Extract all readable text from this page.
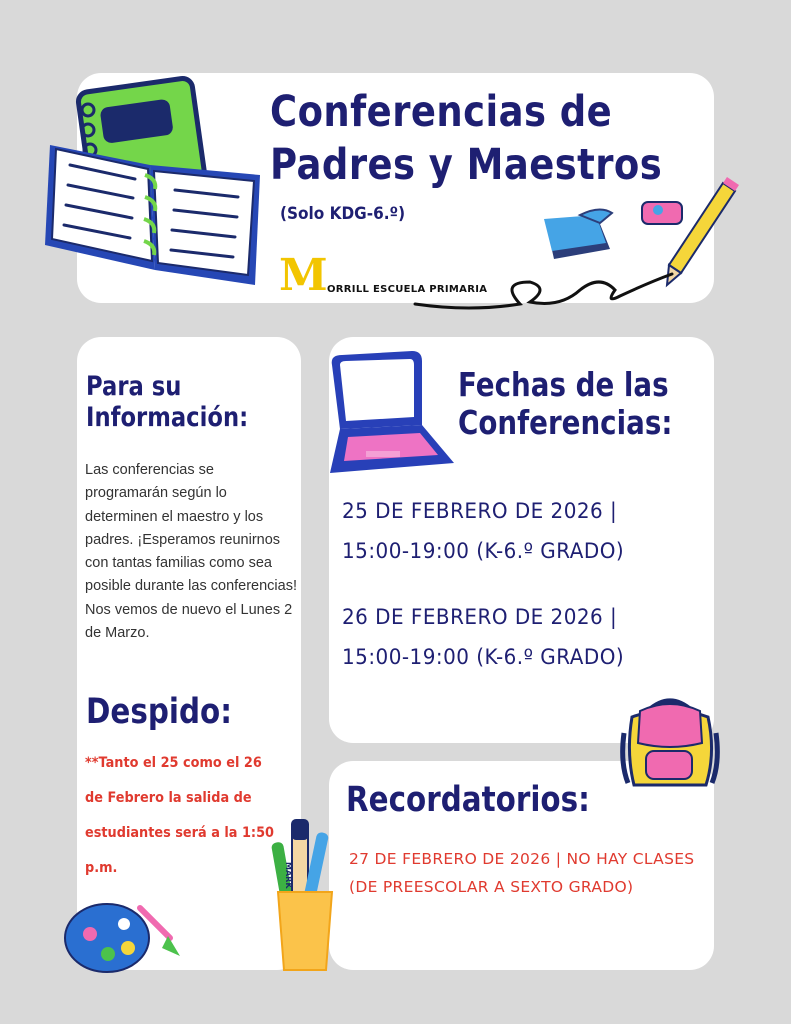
Conferencias de
Padres y Maestros
(Solo KDG-6.º)
M ORRILL ESCUELA PRIMARIA
Para su
Información:

Las conferencias se programarán según lo determinen el maestro y los padres. ¡Esperamos reunirnos con tantas familias como sea posible durante las conferencias! Nos vemos de nuevo el Lunes 2 de Marzo.

Despido:

**Tanto el 25 como el 26 de Febrero la salida de estudiantes será a la 1:50 p.m.	MARK
Fechas de las
Conferencias:

25 DE FEBRERO DE 2026 |
15:00-19:00 (K-6.º GRADO)

26 DE FEBRERO DE 2026 |
15:00-19:00 (K-6.º GRADO)

Recordatorios:

27 DE FEBRERO DE 2026 | NO HAY CLASES (DE PREESCOLAR A SEXTO GRADO)
